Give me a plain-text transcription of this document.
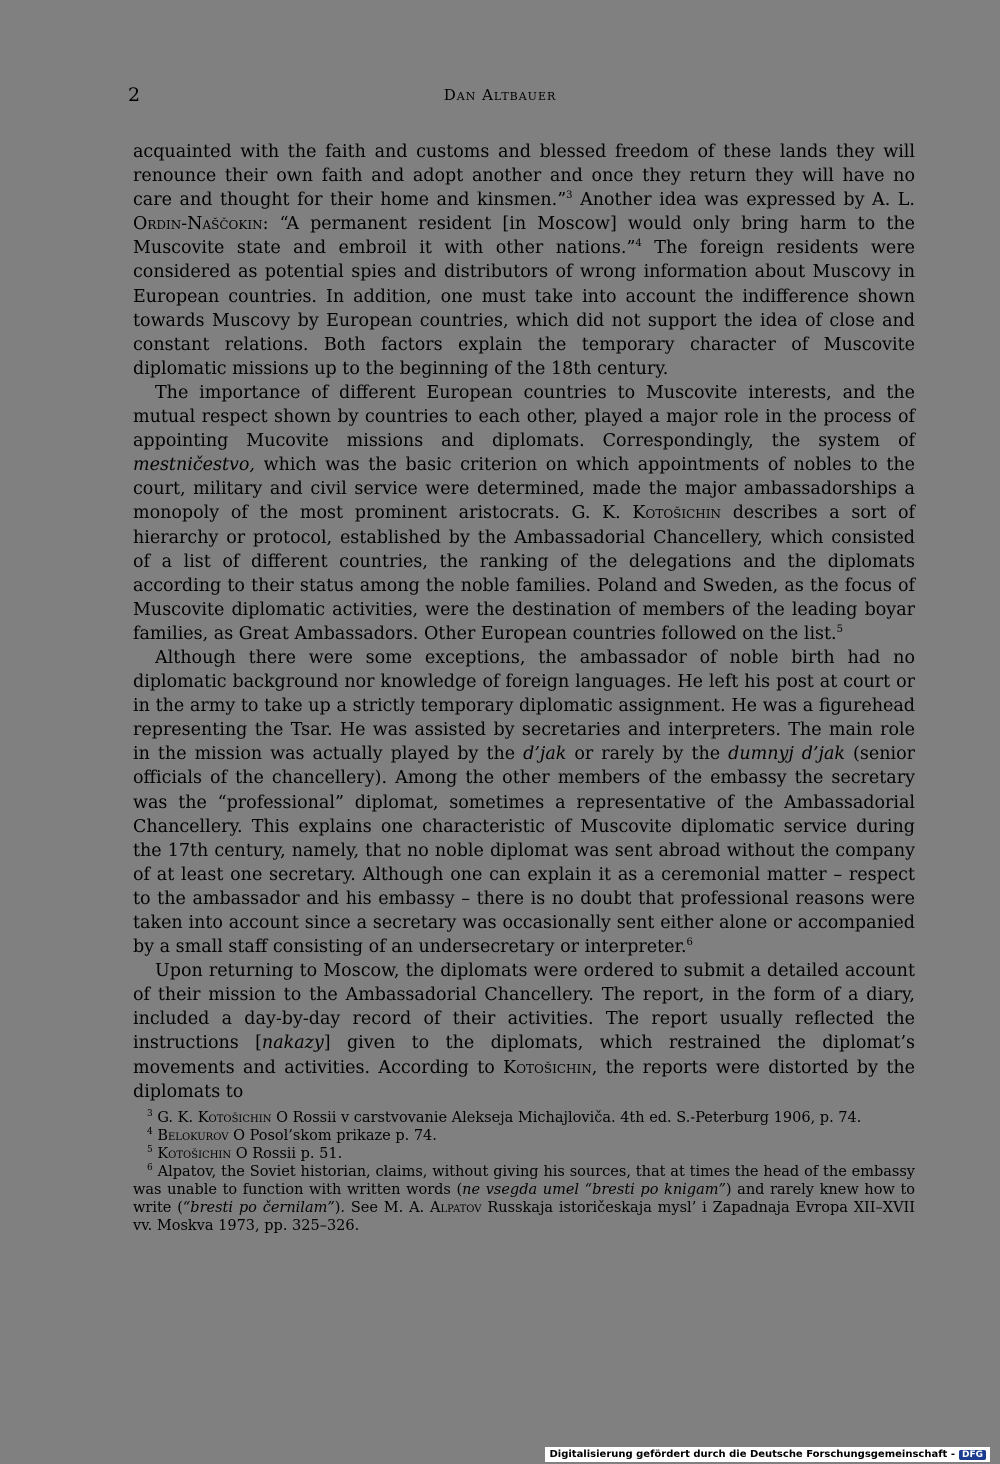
2	Dan Altbauer

acquainted with the faith and customs and blessed freedom of these lands they will renounce their own faith and adopt another and once they return they will have no care and thought for their home and kinsmen.”$^3$ Another idea was expressed by A. L. Ordin-Naščokin: “A permanent resident [in Moscow] would only bring harm to the Muscovite state and embroil it with other nations.”$^4$ The foreign residents were considered as potential spies and distributors of wrong information about Muscovy in European countries. In addition, one must take into account the indifference shown towards Muscovy by European countries, which did not support the idea of close and constant relations. Both factors explain the temporary character of Muscovite diplomatic missions up to the beginning of the 18th century.

The importance of different European countries to Muscovite interests, and the mutual respect shown by countries to each other, played a major role in the process of appointing Mucovite missions and diplomats. Correspondingly, the system of mestničestvo, which was the basic criterion on which appointments of nobles to the court, military and civil service were determined, made the major ambassadorships a monopoly of the most prominent aristocrats. G. K. Kotošichin describes a sort of hierarchy or protocol, established by the Ambassadorial Chancellery, which consisted of a list of different countries, the ranking of the delegations and the diplomats according to their status among the noble families. Poland and Sweden, as the focus of Muscovite diplomatic activities, were the destination of members of the leading boyar families, as Great Ambassadors. Other European countries followed on the list.$^5$

Although there were some exceptions, the ambassador of noble birth had no diplomatic background nor knowledge of foreign languages. He left his post at court or in the army to take up a strictly temporary diplomatic assignment. He was a figurehead representing the Tsar. He was assisted by secretaries and interpreters. The main role in the mission was actually played by the d’jak or rarely by the dumnyj d’jak (senior officials of the chancellery). Among the other members of the embassy the secretary was the “professional” diplomat, sometimes a representative of the Ambassadorial Chancellery. This explains one characteristic of Muscovite diplomatic service during the 17th century, namely, that no noble diplomat was sent abroad without the company of at least one secretary. Although one can explain it as a ceremonial matter – respect to the ambassador and his embassy – there is no doubt that professional reasons were taken into account since a secretary was occasionally sent either alone or accompanied by a small staff consisting of an undersecretary or interpreter.$^6$

Upon returning to Moscow, the diplomats were ordered to submit a detailed account of their mission to the Ambassadorial Chancellery. The report, in the form of a diary, included a day-by-day record of their activities. The report usually reflected the instructions [nakazy] given to the diplomats, which restrained the diplomat’s movements and activities. According to Kotošichin, the reports were distorted by the diplomats to

$^3$ G. K. Kotošichin O Rossii v carstvovanie Alekseja Michajloviča. 4th ed. S.-Peterburg 1906, p. 74.

$^4$ Belokurov O Posol’skom prikaze p. 74.

$^5$ Kotošichin O Rossii p. 51.

$^6$ Alpatov, the Soviet historian, claims, without giving his sources, that at times the head of the embassy was unable to function with written words (ne vsegda umel “bresti po knigam”) and rarely knew how to write (“bresti po černilam”). See M. A. Alpatov Russkaja istoričeskaja mysl’ i Zapadnaja Evropa XII–XVII vv. Moskva 1973, pp. 325–326.

Digitalisierung gefördert durch die Deutsche Forschungsgemeinschaft - DFG
